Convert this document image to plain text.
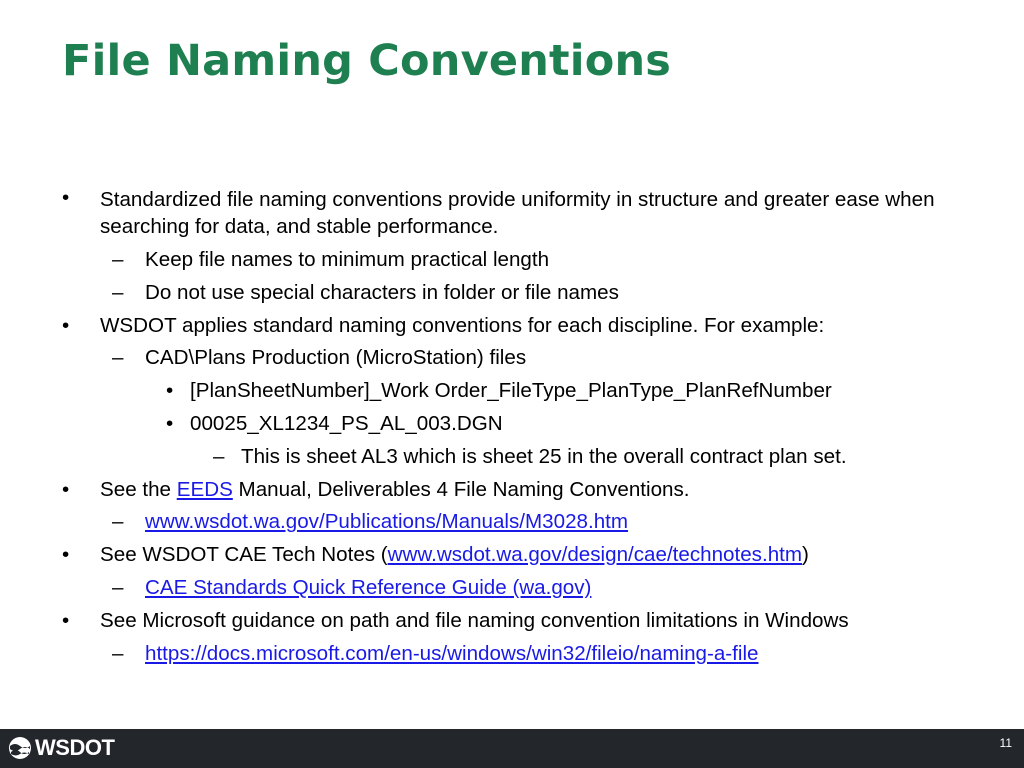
File Naming Conventions
• Standardized file naming conventions provide uniformity in structure and greater ease when searching for data, and stable performance.
– Keep file names to minimum practical length
– Do not use special characters in folder or file names
• WSDOT applies standard naming conventions for each discipline. For example:
– CAD\Plans Production (MicroStation) files
• [PlanSheetNumber]_Work Order_FileType_PlanType_PlanRefNumber
• 00025_XL1234_PS_AL_003.DGN
– This is sheet AL3 which is sheet 25 in the overall contract plan set.
• See the EEDS Manual, Deliverables 4 File Naming Conventions.
– www.wsdot.wa.gov/Publications/Manuals/M3028.htm
• See WSDOT CAE Tech Notes (www.wsdot.wa.gov/design/cae/technotes.htm)
– CAE Standards Quick Reference Guide (wa.gov)
• See Microsoft guidance on path and file naming convention limitations in Windows
– https://docs.microsoft.com/en-us/windows/win32/fileio/naming-a-file
WSDOT	11
